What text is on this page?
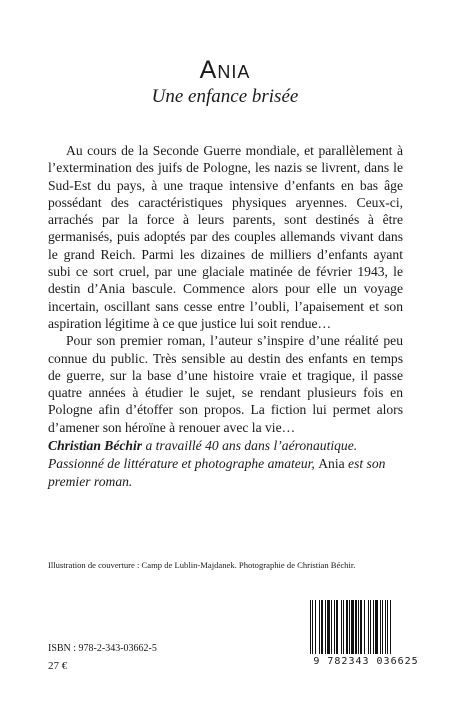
Ania
Une enfance brisée

Au cours de la Seconde Guerre mondiale, et parallèlement à l’extermination des juifs de Pologne, les nazis se livrent, dans le Sud-Est du pays, à une traque intensive d’enfants en bas âge possédant des caractéristiques physiques aryennes. Ceux-ci, arrachés par la force à leurs parents, sont destinés à être germanisés, puis adoptés par des couples allemands vivant dans le grand Reich. Parmi les dizaines de milliers d’enfants ayant subi ce sort cruel, par une glaciale matinée de février 1943, le destin d’Ania bascule. Commence alors pour elle un voyage incertain, oscillant sans cesse entre l’oubli, l’apaisement et son aspiration légitime à ce que justice lui soit rendue…

Pour son premier roman, l’auteur s’inspire d’une réalité peu connue du public. Très sensible au destin des enfants en temps de guerre, sur la base d’une histoire vraie et tragique, il passe quatre années à étudier le sujet, se rendant plusieurs fois en Pologne afin d’étoffer son propos. La fiction lui permet alors d’amener son héroïne à renouer avec la vie…

Christian Béchir a travaillé 40 ans dans l’aéronautique. Passionné de littérature et photographe amateur, Ania est son premier roman.
Illustration de couverture : Camp de Lublin-Majdanek. Photographie de Christian Béchir.
ISBN : 978-2-343-03662-5
27 €	9 782343 036625
